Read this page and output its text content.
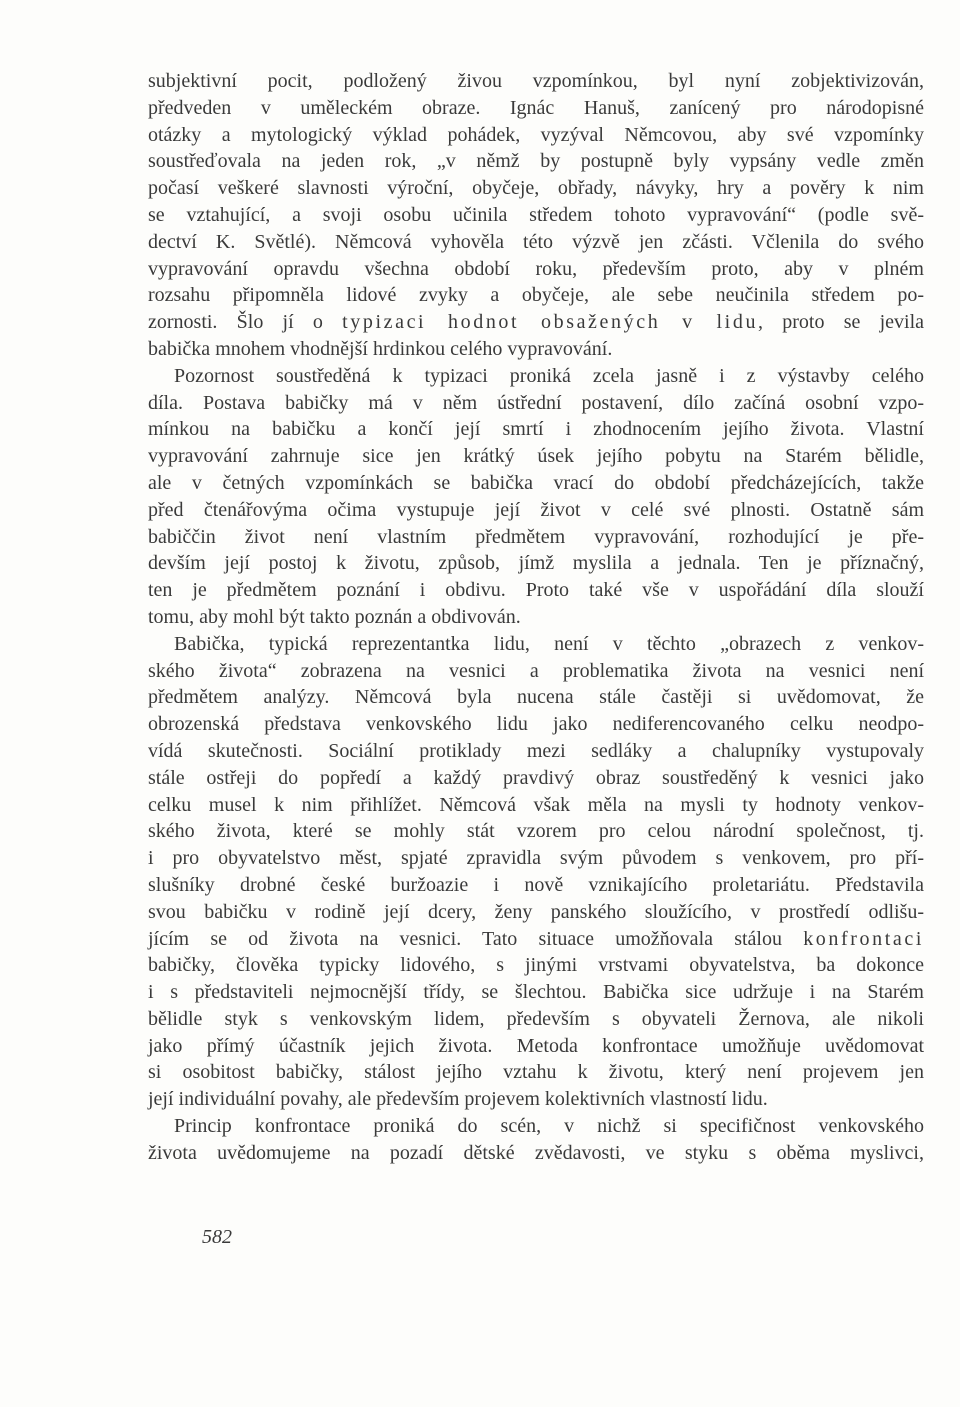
subjektivní pocit, podložený živou vzpomínkou, byl nyní zobjektivizován,
předveden v uměleckém obraze. Ignác Hanuš, zanícený pro národopisné
otázky a mytologický výklad pohádek, vyzýval Němcovou, aby své vzpomínky
soustřeďovala na jeden rok, „v němž by postupně byly vypsány vedle změn
počasí veškeré slavnosti výroční, obyčeje, obřady, návyky, hry a pověry k nim
se vztahující, a svoji osobu učinila středem tohoto vypravování“ (podle svě-
dectví K. Světlé). Němcová vyhověla této výzvě jen zčásti. Včlenila do svého
vypravování opravdu všechna období roku, především proto, aby v plném
rozsahu připomněla lidové zvyky a obyčeje, ale sebe neučinila středem po-
zornosti. Šlo jí o typizaci hodnot obsažených v lidu, proto se jevila
babička mnohem vhodnější hrdinkou celého vypravování.
Pozornost soustředěná k typizaci proniká zcela jasně i z výstavby celého
díla. Postava babičky má v něm ústřední postavení, dílo začíná osobní vzpo-
mínkou na babičku a končí její smrtí i zhodnocením jejího života. Vlastní
vypravování zahrnuje sice jen krátký úsek jejího pobytu na Starém bělidle,
ale v četných vzpomínkách se babička vrací do období předcházejících, takže
před čtenářovýma očima vystupuje její život v celé své plnosti. Ostatně sám
babiččin život není vlastním předmětem vypravování, rozhodující je pře-
devším její postoj k životu, způsob, jímž myslila a jednala. Ten je příznačný,
ten je předmětem poznání i obdivu. Proto také vše v uspořádání díla slouží
tomu, aby mohl být takto poznán a obdivován.
Babička, typická reprezentantka lidu, není v těchto „obrazech z venkov-
ského života“ zobrazena na vesnici a problematika života na vesnici není
předmětem analýzy. Němcová byla nucena stále častěji si uvědomovat, že
obrozenská představa venkovského lidu jako nediferencovaného celku neodpo-
vídá skutečnosti. Sociální protiklady mezi sedláky a chalupníky vystupovaly
stále ostřeji do popředí a každý pravdivý obraz soustředěný k vesnici jako
celku musel k nim přihlížet. Němcová však měla na mysli ty hodnoty venkov-
ského života, které se mohly stát vzorem pro celou národní společnost, tj.
i pro obyvatelstvo měst, spjaté zpravidla svým původem s venkovem, pro pří-
slušníky drobné české buržoazie i nově vznikajícího proletariátu. Představila
svou babičku v rodině její dcery, ženy panského sloužícího, v prostředí odlišu-
jícím se od života na vesnici. Tato situace umožňovala stálou konfrontaci
babičky, člověka typicky lidového, s jinými vrstvami obyvatelstva, ba dokonce
i s představiteli nejmocnější třídy, se šlechtou. Babička sice udržuje i na Starém
bělidle styk s venkovským lidem, především s obyvateli Žernova, ale nikoli
jako přímý účastník jejich života. Metoda konfrontace umožňuje uvědomovat
si osobitost babičky, stálost jejího vztahu k životu, který není projevem jen
její individuální povahy, ale především projevem kolektivních vlastností lidu.
Princip konfrontace proniká do scén, v nichž si specifičnost venkovského
života uvědomujeme na pozadí dětské zvědavosti, ve styku s oběma myslivci,
582
